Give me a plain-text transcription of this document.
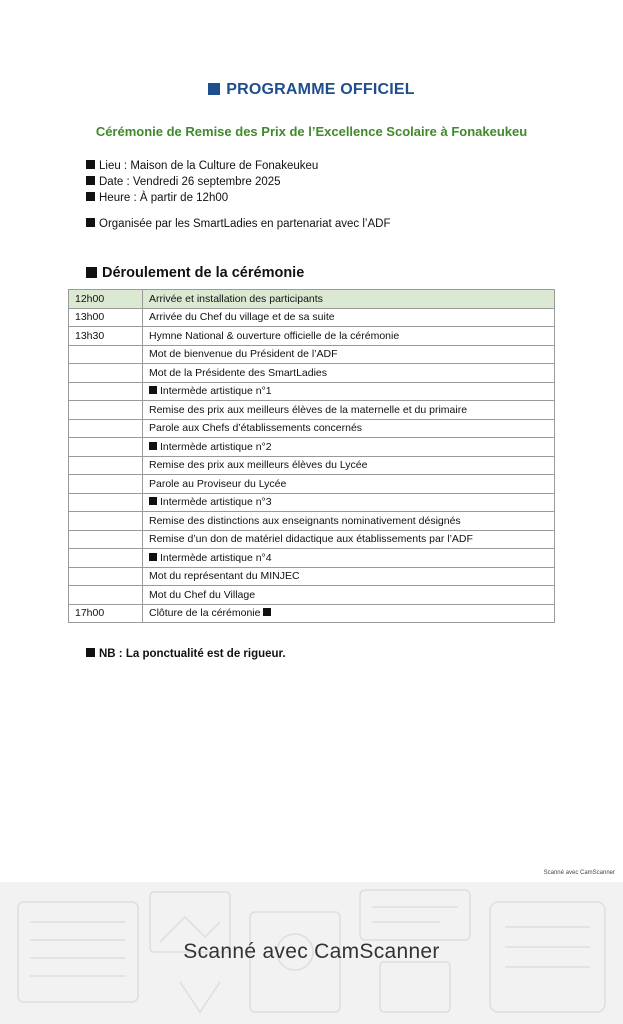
PROGRAMME OFFICIEL
Cérémonie de Remise des Prix de l’Excellence Scolaire à Fonakeukeu
Lieu : Maison de la Culture de Fonakeukeu
Date : Vendredi 26 septembre 2025
Heure : À partir de 12h00
Organisée par les SmartLadies en partenariat avec l’ADF
Déroulement de la cérémonie
12h00	Arrivée et installation des participants
13h00	Arrivée du Chef du village et de sa suite
13h30	Hymne National & ouverture officielle de la cérémonie
	Mot de bienvenue du Président de l’ADF
	Mot de la Présidente des SmartLadies
	Intermède artistique n°1
	Remise des prix aux meilleurs élèves de la maternelle et du primaire
	Parole aux Chefs d’établissements concernés
	Intermède artistique n°2
	Remise des prix aux meilleurs élèves du Lycée
	Parole au Proviseur du Lycée
	Intermède artistique n°3
	Remise des distinctions aux enseignants nominativement désignés
	Remise d’un don de matériel didactique aux établissements par l’ADF
	Intermède artistique n°4
	Mot du représentant du MINJEC
	Mot du Chef du Village
17h00	Clôture de la cérémonie
NB : La ponctualité est de rigueur.
Scanné avec CamScanner
Scanné avec CamScanner
